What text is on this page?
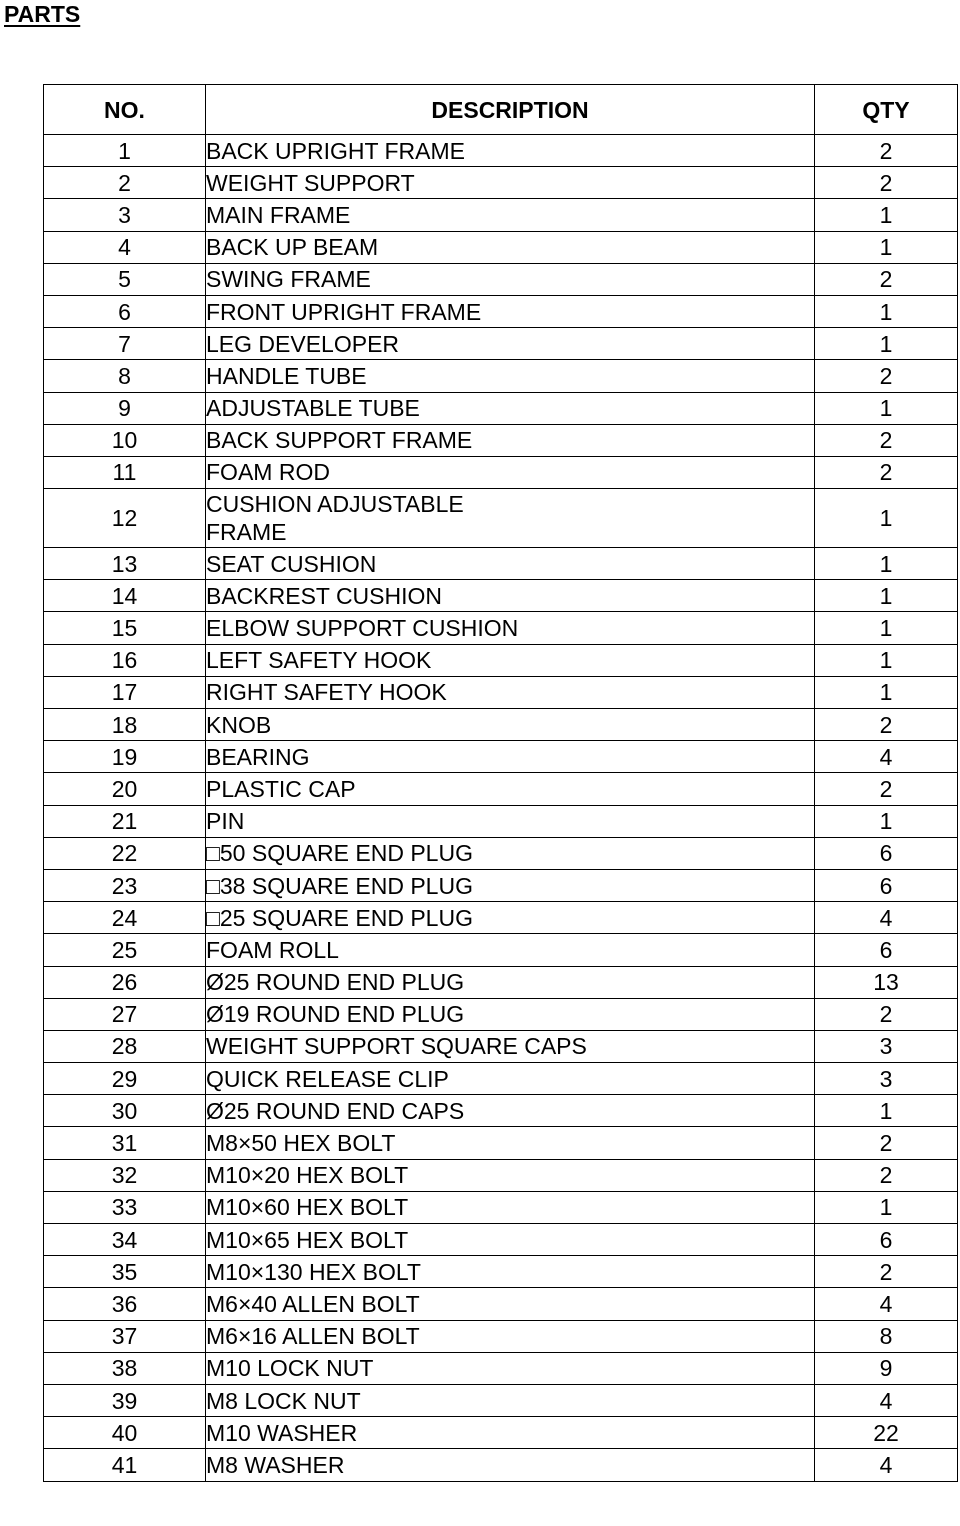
PARTS
NO.	DESCRIPTION	QTY
1	BACK UPRIGHT FRAME	2
2	WEIGHT SUPPORT	2
3	MAIN FRAME	1
4	BACK UP BEAM	1
5	SWING FRAME	2
6	FRONT UPRIGHT FRAME	1
7	LEG DEVELOPER	1
8	HANDLE TUBE	2
9	ADJUSTABLE TUBE	1
10	BACK SUPPORT FRAME	2
11	FOAM ROD	2
12	CUSHION ADJUSTABLE FRAME	1
13	SEAT CUSHION	1
14	BACKREST CUSHION	1
15	ELBOW SUPPORT CUSHION	1
16	LEFT SAFETY HOOK	1
17	RIGHT SAFETY HOOK	1
18	KNOB	2
19	BEARING	4
20	PLASTIC CAP	2
21	PIN	1
22	□50 SQUARE END PLUG	6
23	□38 SQUARE END PLUG	6
24	□25 SQUARE END PLUG	4
25	FOAM ROLL	6
26	Ø25 ROUND END PLUG	13
27	Ø19 ROUND END PLUG	2
28	WEIGHT SUPPORT SQUARE CAPS	3
29	QUICK RELEASE CLIP	3
30	Ø25 ROUND END CAPS	1
31	M8×50 HEX BOLT	2
32	M10×20 HEX BOLT	2
33	M10×60 HEX BOLT	1
34	M10×65 HEX BOLT	6
35	M10×130 HEX BOLT	2
36	M6×40 ALLEN BOLT	4
37	M6×16 ALLEN BOLT	8
38	M10 LOCK NUT	9
39	M8 LOCK NUT	4
40	M10 WASHER	22
41	M8 WASHER	4
